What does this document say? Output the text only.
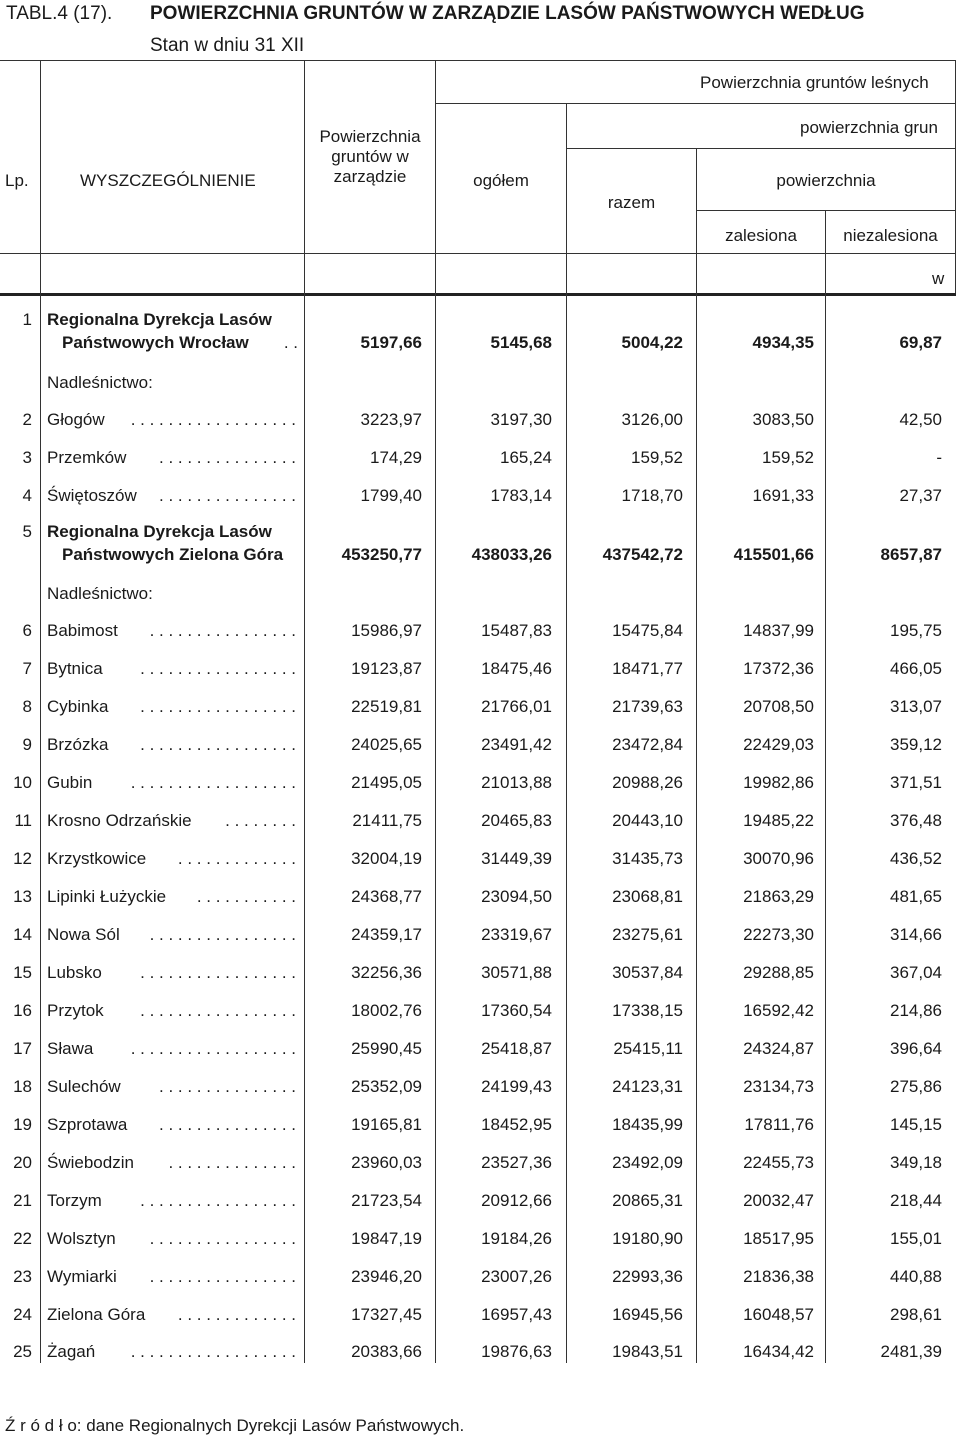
TABL.4 (17). POWIERZCHNIA GRUNTÓW W ZARZĄDZIE LASÓW PAŃSTWOWYCH WEDŁUG
Stan w dniu 31 XII
Lp.	WYSZCZEGÓLNIENIE
Powierzchnia
gruntów w
zarządzie
Powierzchnia gruntów leśnych
ogółem
powierzchnia grun
razem
powierzchnia
zalesiona	niezalesiona
w
1 Regionalna Dyrekcja Lasów
Państwowych Wrocław . .	5197,66	5145,68	5004,22	4934,35	69,87
Nadleśnictwo:
2 Głogów . . . . . . . . . . . . . . . . . .	3223,97	3197,30	3126,00	3083,50	42,50
3 Przemków . . . . . . . . . . . . . . .	174,29	165,24	159,52	159,52	-
4 Świętoszów . . . . . . . . . . . . . . .	1799,40	1783,14	1718,70	1691,33	27,37
5 Regionalna Dyrekcja Lasów
Państwowych Zielona Góra	453250,77	438033,26	437542,72	415501,66	8657,87
Nadleśnictwo:
6 Babimost . . . . . . . . . . . . . . . .	15986,97	15487,83	15475,84	14837,99	195,75
7 Bytnica . . . . . . . . . . . . . . . . .	19123,87	18475,46	18471,77	17372,36	466,05
8 Cybinka . . . . . . . . . . . . . . . . .	22519,81	21766,01	21739,63	20708,50	313,07
9 Brzózka . . . . . . . . . . . . . . . . .	24025,65	23491,42	23472,84	22429,03	359,12
10 Gubin . . . . . . . . . . . . . . . . . .	21495,05	21013,88	20988,26	19982,86	371,51
11 Krosno Odrzańskie . . . . . . . .	21411,75	20465,83	20443,10	19485,22	376,48
12 Krzystkowice . . . . . . . . . . . . .	32004,19	31449,39	31435,73	30070,96	436,52
13 Lipinki Łużyckie . . . . . . . . . . .	24368,77	23094,50	23068,81	21863,29	481,65
14 Nowa Sól . . . . . . . . . . . . . . . .	24359,17	23319,67	23275,61	22273,30	314,66
15 Lubsko . . . . . . . . . . . . . . . . .	32256,36	30571,88	30537,84	29288,85	367,04
16 Przytok . . . . . . . . . . . . . . . . .	18002,76	17360,54	17338,15	16592,42	214,86
17 Sława . . . . . . . . . . . . . . . . . .	25990,45	25418,87	25415,11	24324,87	396,64
18 Sulechów . . . . . . . . . . . . . . .	25352,09	24199,43	24123,31	23134,73	275,86
19 Szprotawa . . . . . . . . . . . . . . .	19165,81	18452,95	18435,99	17811,76	145,15
20 Świebodzin . . . . . . . . . . . . . .	23960,03	23527,36	23492,09	22455,73	349,18
21 Torzym . . . . . . . . . . . . . . . . .	21723,54	20912,66	20865,31	20032,47	218,44
22 Wolsztyn . . . . . . . . . . . . . . . .	19847,19	19184,26	19180,90	18517,95	155,01
23 Wymiarki . . . . . . . . . . . . . . . .	23946,20	23007,26	22993,36	21836,38	440,88
24 Zielona Góra . . . . . . . . . . . . .	17327,45	16957,43	16945,56	16048,57	298,61
25 Żagań . . . . . . . . . . . . . . . . . .	20383,66	19876,63	19843,51	16434,42	2481,39
Ź r ó d ł o: dane Regionalnych Dyrekcji Lasów Państwowych.
